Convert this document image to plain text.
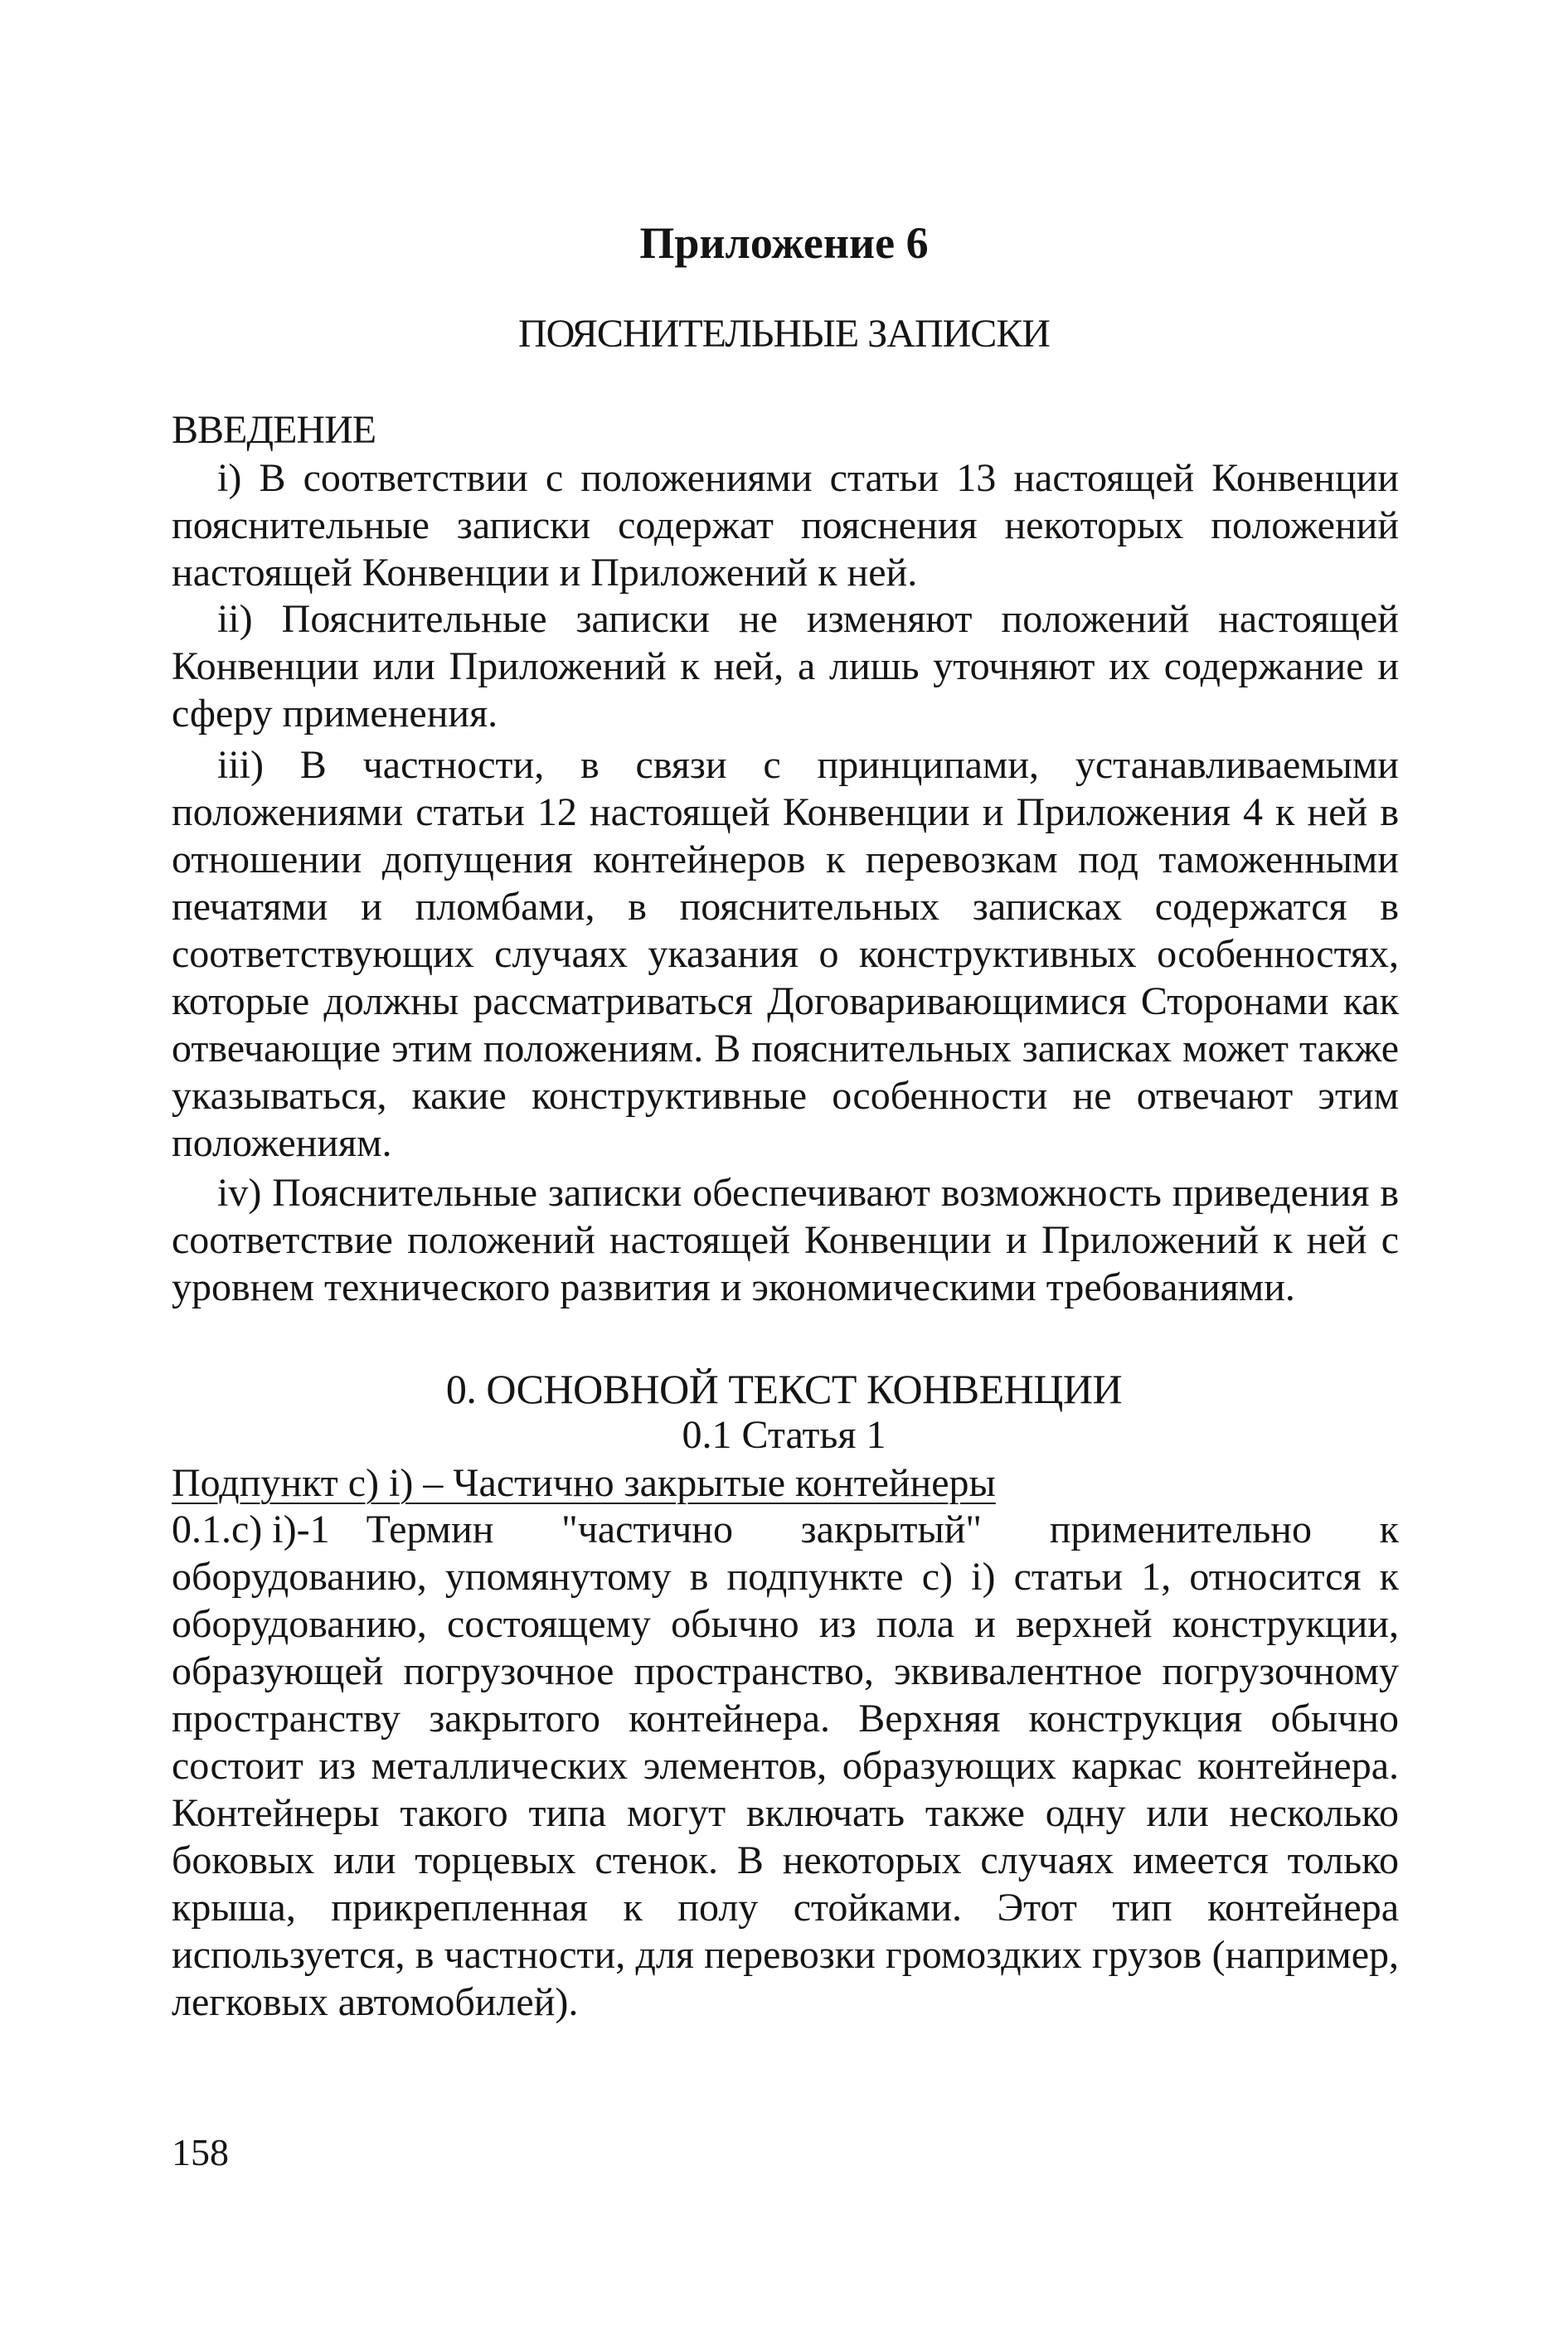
Приложение 6
ПОЯСНИТЕЛЬНЫЕ ЗАПИСКИ
ВВЕДЕНИЕ
i) В соответствии с положениями статьи 13 настоящей Конвенции пояснительные записки содержат пояснения некоторых положений настоящей Конвенции и Приложений к ней.
ii) Пояснительные записки не изменяют положений настоящей Конвенции или Приложений к ней, а лишь уточняют их содержание и сферу применения.
iii) В частности, в связи с принципами, устанавливаемыми положениями статьи 12 настоящей Конвенции и Приложения 4 к ней в отношении допущения контейнеров к перевозкам под таможенными печатями и пломбами, в пояснительных записках содержатся в соответствующих случаях указания о конструктивных особенностях, которые должны рассматриваться Договаривающимися Сторонами как отвечающие этим положениям. В пояснительных записках может также указываться, какие конструктивные особенности не отвечают этим положениям.
iv) Пояснительные записки обеспечивают возможность приведения в соответствие положений настоящей Конвенции и Приложений к ней с уровнем технического развития и экономическими требованиями.
0. ОСНОВНОЙ ТЕКСТ КОНВЕНЦИИ
0.1 Статья 1
Подпункт c) i) – Частично закрытые контейнеры
0.1.c) i)-1 Термин "частично закрытый" применительно к оборудованию, упомянутому в подпункте c) i) статьи 1, относится к оборудованию, состоящему обычно из пола и верхней конструкции, образующей погрузочное пространство, эквивалентное погрузочному пространству закрытого контейнера. Верхняя конструкция обычно состоит из металлических элементов, образующих каркас контейнера. Контейнеры такого типа могут включать также одну или несколько боковых или торцевых стенок. В некоторых случаях имеется только крыша, прикрепленная к полу стойками. Этот тип контейнера используется, в частности, для перевозки громоздких грузов (например, легковых автомобилей).
158
